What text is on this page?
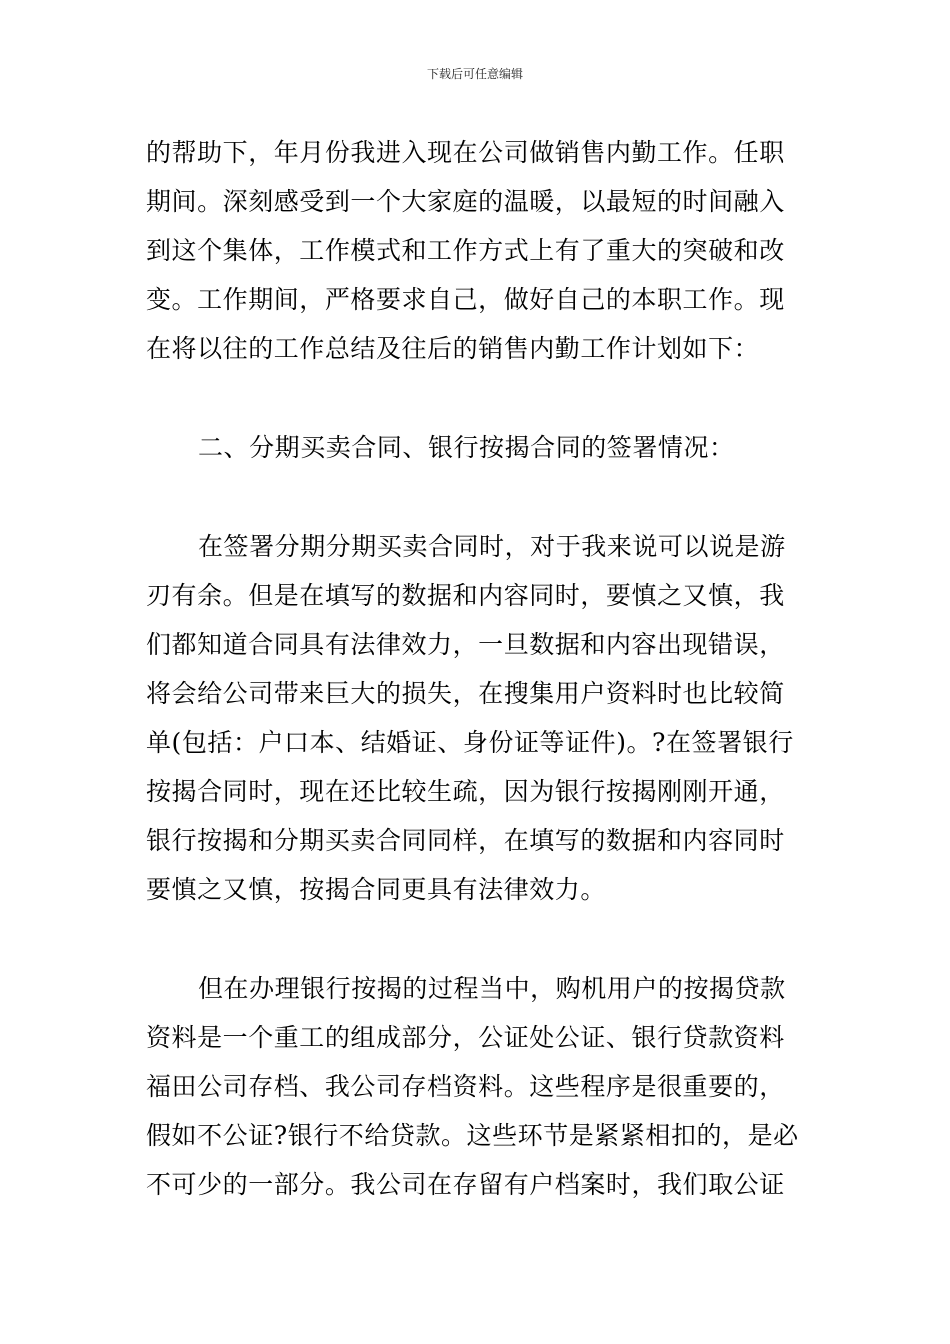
下载后可任意编辑
的帮助下，年月份我进入现在公司做销售内勤工作。任职
期间。深刻感受到一个大家庭的温暖，以最短的时间融入
到这个集体，工作模式和工作方式上有了重大的突破和改
变。工作期间，严格要求自己，做好自己的本职工作。现
在将以往的工作总结及往后的销售内勤工作计划如下：
二、分期买卖合同、银行按揭合同的签署情况：
在签署分期分期买卖合同时，对于我来说可以说是游
刃有余。但是在填写的数据和内容同时，要慎之又慎，我
们都知道合同具有法律效力，一旦数据和内容出现错误，
将会给公司带来巨大的损失，在搜集用户资料时也比较简
单(包括：户口本、结婚证、身份证等证件)。?在签署银行
按揭合同时，现在还比较生疏，因为银行按揭刚刚开通，
银行按揭和分期买卖合同同样，在填写的数据和内容同时
要慎之又慎，按揭合同更具有法律效力。
但在办理银行按揭的过程当中，购机用户的按揭贷款
资料是一个重工的组成部分，公证处公证、银行贷款资料
福田公司存档、我公司存档资料。这些程序是很重要的，
假如不公证?银行不给贷款。这些环节是紧紧相扣的，是必
不可少的一部分。我公司在存留有户档案时，我们取公证
